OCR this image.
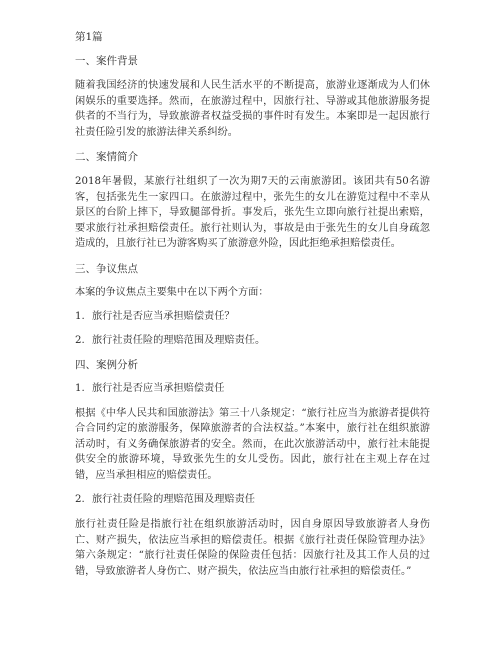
第1篇
一、案件背景
随着我国经济的快速发展和人民生活水平的不断提高，旅游业逐渐成为人们休闲娱乐的重要选择。然而，在旅游过程中，因旅行社、导游或其他旅游服务提供者的不当行为，导致旅游者权益受损的事件时有发生。本案即是一起因旅行社责任险引发的旅游法律关系纠纷。
二、案情简介
2018年暑假，某旅行社组织了一次为期7天的云南旅游团。该团共有50名游客，包括张先生一家四口。在旅游过程中，张先生的女儿在游览过程中不幸从景区的台阶上摔下，导致腿部骨折。事发后，张先生立即向旅行社提出索赔，要求旅行社承担赔偿责任。旅行社则认为，事故是由于张先生的女儿自身疏忽造成的，且旅行社已为游客购买了旅游意外险，因此拒绝承担赔偿责任。
三、争议焦点
本案的争议焦点主要集中在以下两个方面：
1. 旅行社是否应当承担赔偿责任？
2. 旅行社责任险的理赔范围及理赔责任。
四、案例分析
1. 旅行社是否应当承担赔偿责任
根据《中华人民共和国旅游法》第三十八条规定：“旅行社应当为旅游者提供符合合同约定的旅游服务，保障旅游者的合法权益。”本案中，旅行社在组织旅游活动时，有义务确保旅游者的安全。然而，在此次旅游活动中，旅行社未能提供安全的旅游环境，导致张先生的女儿受伤。因此，旅行社在主观上存在过错，应当承担相应的赔偿责任。
2. 旅行社责任险的理赔范围及理赔责任
旅行社责任险是指旅行社在组织旅游活动时，因自身原因导致旅游者人身伤亡、财产损失，依法应当承担的赔偿责任。根据《旅行社责任保险管理办法》第六条规定：“旅行社责任保险的保险责任包括：因旅行社及其工作人员的过错，导致旅游者人身伤亡、财产损失，依法应当由旅行社承担的赔偿责任。”
